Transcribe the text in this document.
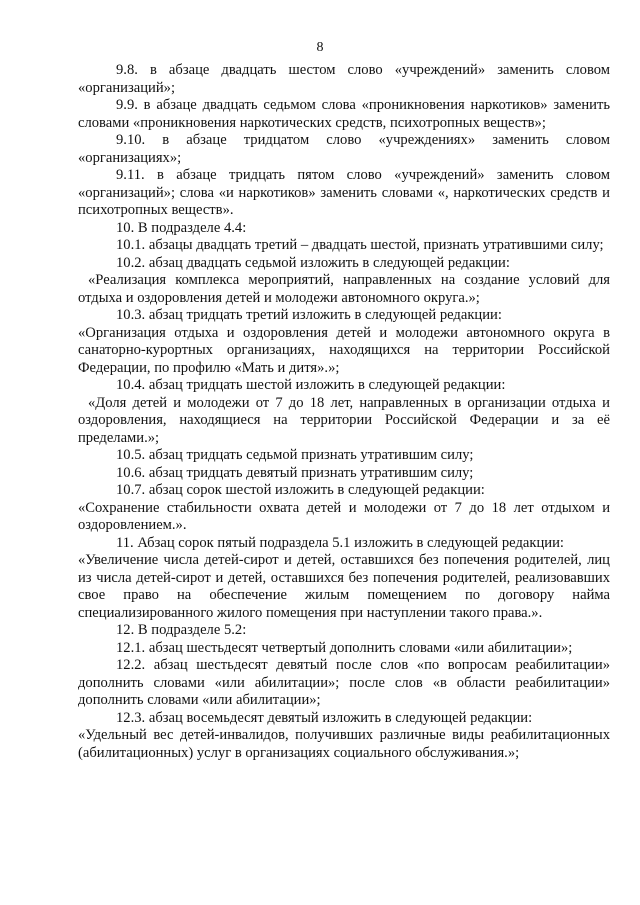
8

9.8. в абзаце двадцать шестом слово «учреждений» заменить словом «организаций»;

9.9. в абзаце двадцать седьмом слова «проникновения наркотиков» заменить словами «проникновения наркотических средств, психотропных веществ»;

9.10. в абзаце тридцатом слово «учреждениях» заменить словом «организациях»;

9.11. в абзаце тридцать пятом слово «учреждений» заменить словом «организаций»; слова «и наркотиков» заменить словами «, наркотических средств и психотропных веществ».

10. В подразделе 4.4:

10.1. абзацы двадцать третий – двадцать шестой, признать утратившими силу;

10.2. абзац двадцать седьмой изложить в следующей редакции:

«Реализация комплекса мероприятий, направленных на создание условий для отдыха и оздоровления детей и молодежи автономного округа.»;

10.3. абзац тридцать третий изложить в следующей редакции:

«Организация отдыха и оздоровления детей и молодежи автономного округа в санаторно-курортных организациях, находящихся на территории Российской Федерации, по профилю «Мать и дитя».»;

10.4. абзац тридцать шестой изложить в следующей редакции:

«Доля детей и молодежи от 7 до 18 лет, направленных в организации отдыха и оздоровления, находящиеся на территории Российской Федерации и за её пределами.»;

10.5. абзац тридцать седьмой признать утратившим силу;

10.6. абзац тридцать девятый признать утратившим силу;

10.7. абзац сорок шестой изложить в следующей редакции:

«Сохранение стабильности охвата детей и молодежи от 7 до 18 лет отдыхом и оздоровлением.».

11. Абзац сорок пятый подраздела 5.1 изложить в следующей редакции:

«Увеличение числа детей-сирот и детей, оставшихся без попечения родителей, лиц из числа детей-сирот и детей, оставшихся без попечения родителей, реализовавших свое право на обеспечение жилым помещением по договору найма специализированного жилого помещения при наступлении такого права.».

12. В подразделе 5.2:

12.1. абзац шестьдесят четвертый дополнить словами «или абилитации»;

12.2. абзац шестьдесят девятый после слов «по вопросам реабилитации» дополнить словами «или абилитации»; после слов «в области реабилитации» дополнить словами «или абилитации»;

12.3. абзац восемьдесят девятый изложить в следующей редакции:

«Удельный вес детей-инвалидов, получивших различные виды реабилитационных (абилитационных) услуг в организациях социального обслуживания.»;
